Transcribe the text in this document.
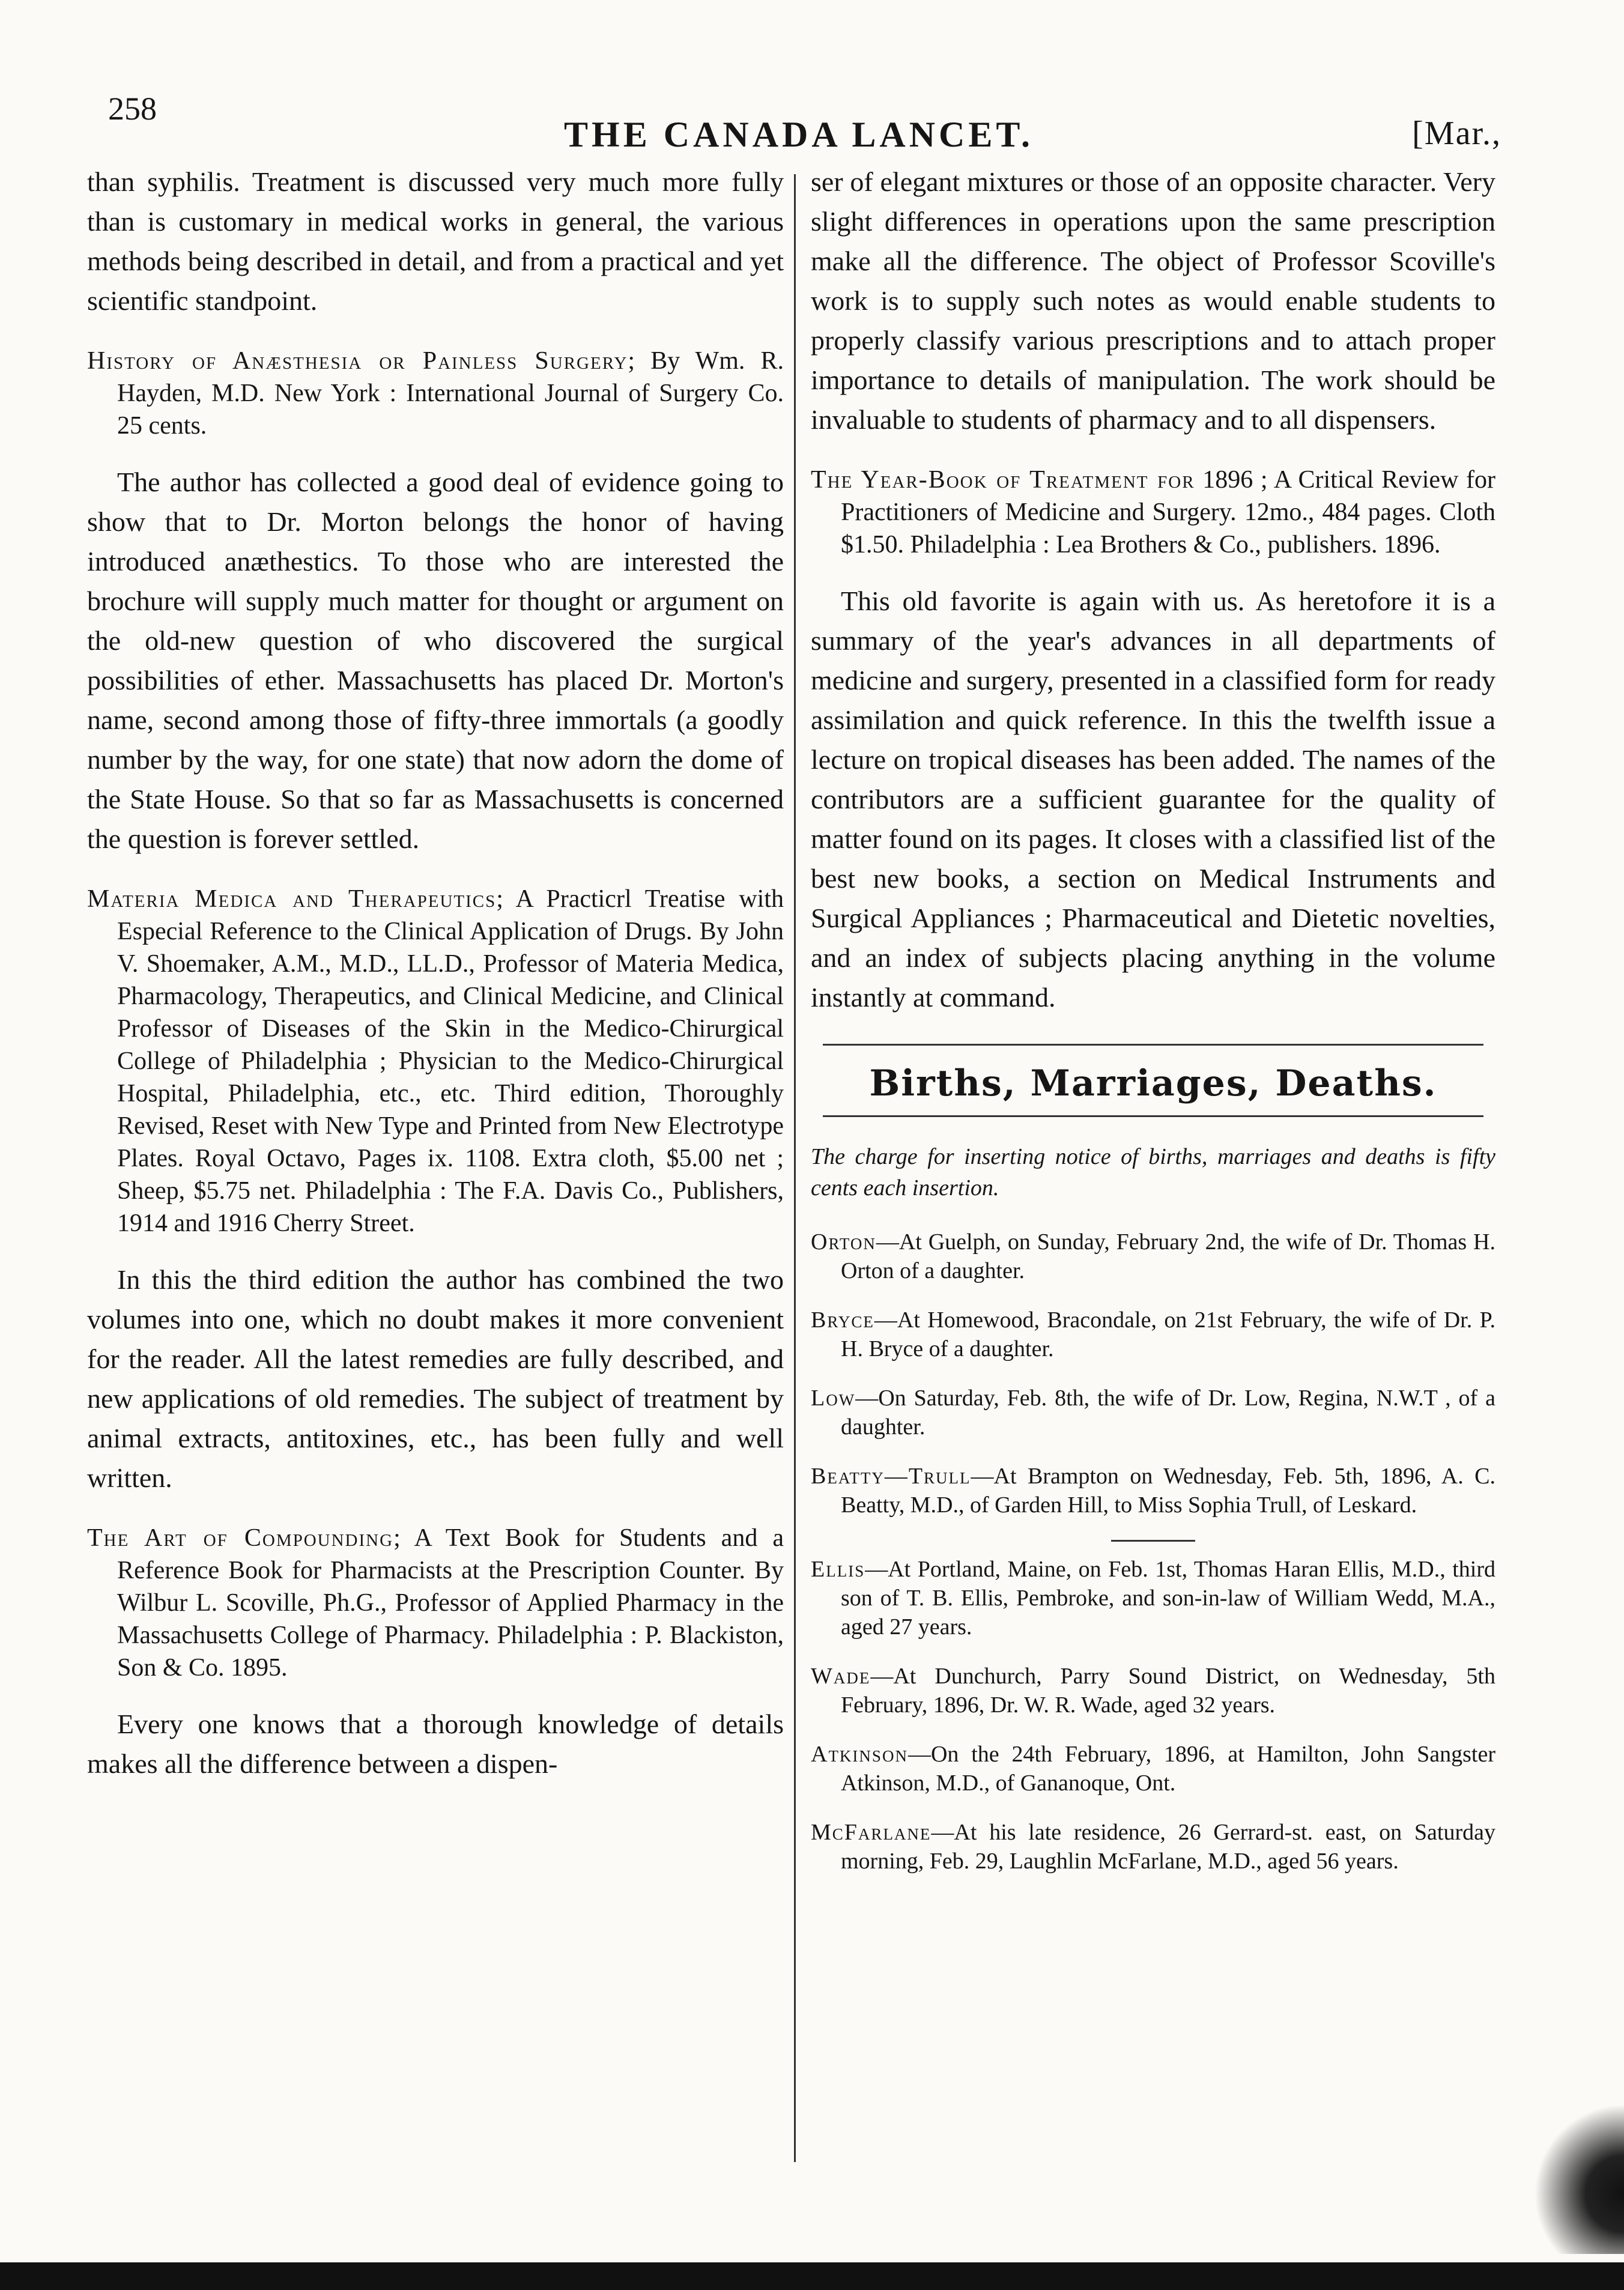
258
THE CANADA LANCET.	[Mar.,

than syphilis. Treatment is discussed very much more fully than is customary in medical works in general, the various methods being described in detail, and from a practical and yet scientific standpoint.

History of Anæsthesia or Painless Surgery; By Wm. R. Hayden, M.D. New York : International Journal of Surgery Co. 25 cents.

The author has collected a good deal of evidence going to show that to Dr. Morton belongs the honor of having introduced anæthestics. To those who are interested the brochure will supply much matter for thought or argument on the old-new question of who discovered the surgical possibilities of ether. Massachusetts has placed Dr. Morton's name, second among those of fifty-three immortals (a goodly number by the way, for one state) that now adorn the dome of the State House. So that so far as Massachusetts is concerned the question is forever settled.

Materia Medica and Therapeutics; A Practicrl Treatise with Especial Reference to the Clinical Application of Drugs. By John V. Shoemaker, A.M., M.D., LL.D., Professor of Materia Medica, Pharmacology, Therapeutics, and Clinical Medicine, and Clinical Professor of Diseases of the Skin in the Medico-Chirurgical College of Philadelphia ; Physician to the Medico-Chirurgical Hospital, Philadelphia, etc., etc. Third edition, Thoroughly Revised, Reset with New Type and Printed from New Electrotype Plates. Royal Octavo, Pages ix. 1108. Extra cloth, $5.00 net ; Sheep, $5.75 net. Philadelphia : The F.A. Davis Co., Publishers, 1914 and 1916 Cherry Street.

In this the third edition the author has combined the two volumes into one, which no doubt makes it more convenient for the reader. All the latest remedies are fully described, and new applications of old remedies. The subject of treatment by animal extracts, antitoxines, etc., has been fully and well written.

The Art of Compounding; A Text Book for Students and a Reference Book for Pharmacists at the Prescription Counter. By Wilbur L. Scoville, Ph.G., Professor of Applied Pharmacy in the Massachusetts College of Pharmacy. Philadelphia : P. Blackiston, Son & Co. 1895.

Every one knows that a thorough knowledge of details makes all the difference between a dispen-

ser of elegant mixtures or those of an opposite character. Very slight differences in operations upon the same prescription make all the difference. The object of Professor Scoville's work is to supply such notes as would enable students to properly classify various prescriptions and to attach proper importance to details of manipulation. The work should be invaluable to students of pharmacy and to all dispensers.

The Year-Book of Treatment for 1896 ; A Critical Review for Practitioners of Medicine and Surgery. 12mo., 484 pages. Cloth $1.50. Philadelphia : Lea Brothers & Co., publishers. 1896.

This old favorite is again with us. As heretofore it is a summary of the year's advances in all departments of medicine and surgery, presented in a classified form for ready assimilation and quick reference. In this the twelfth issue a lecture on tropical diseases has been added. The names of the contributors are a sufficient guarantee for the quality of matter found on its pages. It closes with a classified list of the best new books, a section on Medical Instruments and Surgical Appliances ; Pharmaceutical and Dietetic novelties, and an index of subjects placing anything in the volume instantly at command.

Births, Marriages, Deaths.

The charge for inserting notice of births, marriages and deaths is fifty cents each insertion.

Orton—At Guelph, on Sunday, February 2nd, the wife of Dr. Thomas H. Orton of a daughter.

Bryce—At Homewood, Bracondale, on 21st February, the wife of Dr. P. H. Bryce of a daughter.

Low—On Saturday, Feb. 8th, the wife of Dr. Low, Regina, N.W.T , of a daughter.

Beatty—Trull—At Brampton on Wednesday, Feb. 5th, 1896, A. C. Beatty, M.D., of Garden Hill, to Miss Sophia Trull, of Leskard.

Ellis—At Portland, Maine, on Feb. 1st, Thomas Haran Ellis, M.D., third son of T. B. Ellis, Pembroke, and son-in-law of William Wedd, M.A., aged 27 years.

Wade—At Dunchurch, Parry Sound District, on Wednesday, 5th February, 1896, Dr. W. R. Wade, aged 32 years.

Atkinson—On the 24th February, 1896, at Hamilton, John Sangster Atkinson, M.D., of Gananoque, Ont.

McFarlane—At his late residence, 26 Gerrard-st. east, on Saturday morning, Feb. 29, Laughlin McFarlane, M.D., aged 56 years.
